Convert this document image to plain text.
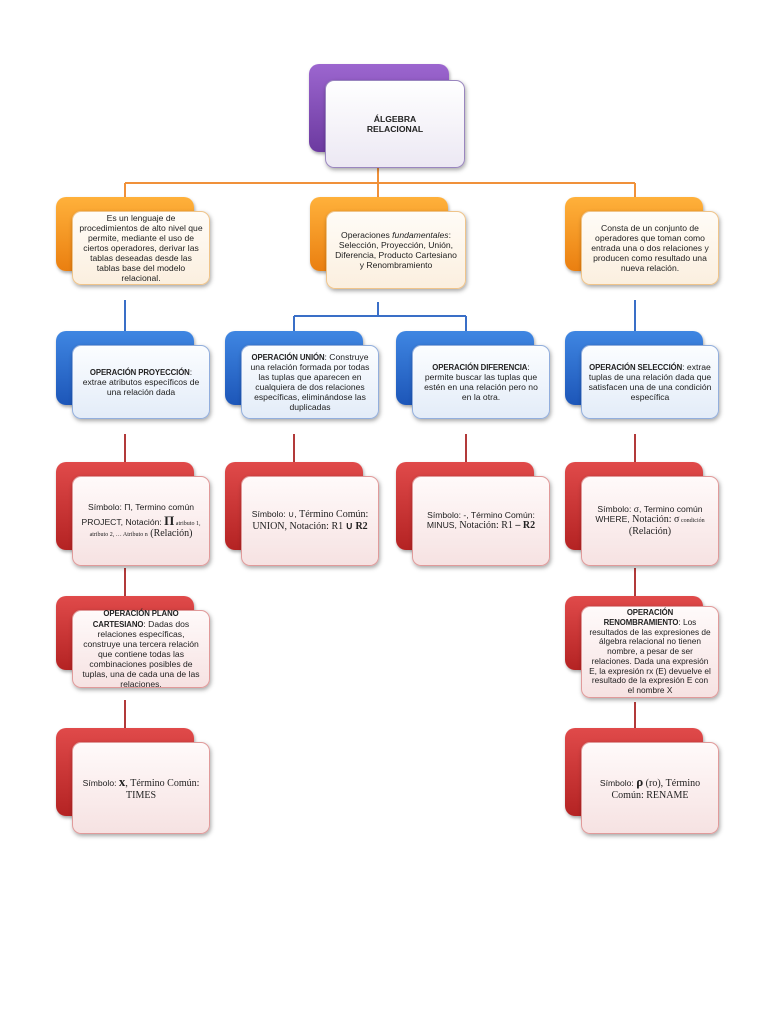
ÁLGEBRA
RELACIONAL
Es un lenguaje de procedimientos de alto nivel que permite, mediante el uso de ciertos operadores, derivar las tablas deseadas desde las tablas base del modelo relacional.
Operaciones fundamentales: Selección, Proyección, Unión, Diferencia, Producto Cartesiano y Renombramiento
Consta de un conjunto de operadores que toman como entrada una o dos relaciones y producen como resultado una nueva relación.
OPERACIÓN PROYECCIÓN: extrae atributos específicos de una relación dada
OPERACIÓN UNIÓN: Construye una relación formada por todas las tuplas que aparecen en cualquiera de dos relaciones específicas, eliminándose las duplicadas
OPERACIÓN DIFERENCIA: permite buscar las tuplas que estén en una relación pero no en la otra.
OPERACIÓN SELECCIÓN: extrae tuplas de una relación dada que satisfacen una de una condición específica
Símbolo: Π, Termino común PROJECT, Notación: Π atributo 1, atributo 2, … Atributo n (Relación)
Símbolo: ∪, Término Común: UNION, Notación: R1 ∪ R2
Símbolo: -, Término Común: MINUS, Notación: R1 – R2
Símbolo: σ, Termino común WHERE, Notación: σ condición (Relación)
OPERACIÓN PLANO CARTESIANO: Dadas dos relaciones específicas, construye una tercera relación que contiene todas las combinaciones posibles de tuplas, una de cada una de las relaciones.
OPERACIÓN RENOMBRAMIENTO: Los resultados de las expresiones de álgebra relacional no tienen nombre, a pesar de ser relaciones. Dada una expresión E, la expresión rx (E) devuelve el resultado de la expresión E con el nombre X
Símbolo: x, Término Común: TIMES
Símbolo: ρ (ro), Término Común: RENAME
